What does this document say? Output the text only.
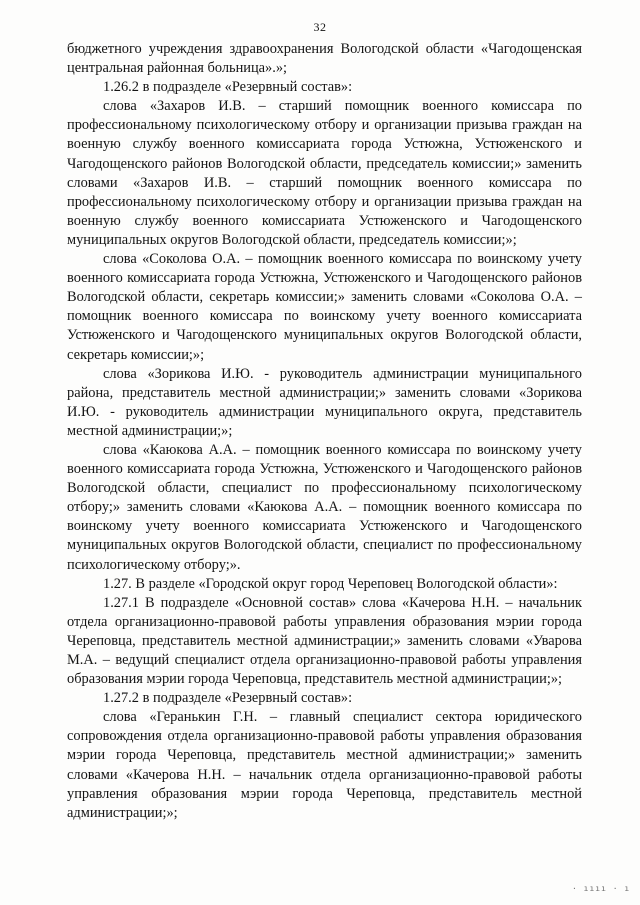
32

бюджетного учреждения здравоохранения Вологодской области «Чагодощенская центральная районная больница».»;

1.26.2 в подразделе «Резервный состав»:

слова «Захаров И.В. – старший помощник военного комиссара по профессиональному психологическому отбору и организации призыва граждан на военную службу военного комиссариата города Устюжна, Устюженского и Чагодощенского районов Вологодской области, председатель комиссии;» заменить словами «Захаров И.В. – старший помощник военного комиссара по профессиональному психологическому отбору и организации призыва граждан на военную службу военного комиссариата Устюженского и Чагодощенского муниципальных округов Вологодской области, председатель комиссии;»;

слова «Соколова О.А. – помощник военного комиссара по воинскому учету военного комиссариата города Устюжна, Устюженского и Чагодощенского районов Вологодской области, секретарь комиссии;» заменить словами «Соколова О.А. – помощник военного комиссара по воинскому учету военного комиссариата Устюженского и Чагодощенского муниципальных округов Вологодской области, секретарь комиссии;»;

слова «Зорикова И.Ю. - руководитель администрации муниципального района, представитель местной администрации;» заменить словами «Зорикова И.Ю. - руководитель администрации муниципального округа, представитель местной администрации;»;

слова «Каюкова А.А. – помощник военного комиссара по воинскому учету военного комиссариата города Устюжна, Устюженского и Чагодощенского районов Вологодской области, специалист по профессиональному психологическому отбору;» заменить словами «Каюкова А.А. – помощник военного комиссара по воинскому учету военного комиссариата Устюженского и Чагодощенского муниципальных округов Вологодской области, специалист по профессиональному психологическому отбору;».

1.27. В разделе «Городской округ город Череповец Вологодской области»:

1.27.1 В подразделе «Основной состав» слова «Качерова Н.Н. – начальник отдела организационно-правовой работы управления образования мэрии города Череповца, представитель местной администрации;» заменить словами «Уварова М.А. – ведущий специалист отдела организационно-правовой работы управления образования мэрии города Череповца, представитель местной администрации;»;

1.27.2 в подразделе «Резервный состав»:

слова «Геранькин Г.Н. – главный специалист сектора юридического сопровождения отдела организационно-правовой работы управления образования мэрии города Череповца, представитель местной администрации;» заменить словами «Качерова Н.Н. – начальник отдела организационно-правовой работы управления образования мэрии города Череповца, представитель местной администрации;»;

· ıııı · ı
